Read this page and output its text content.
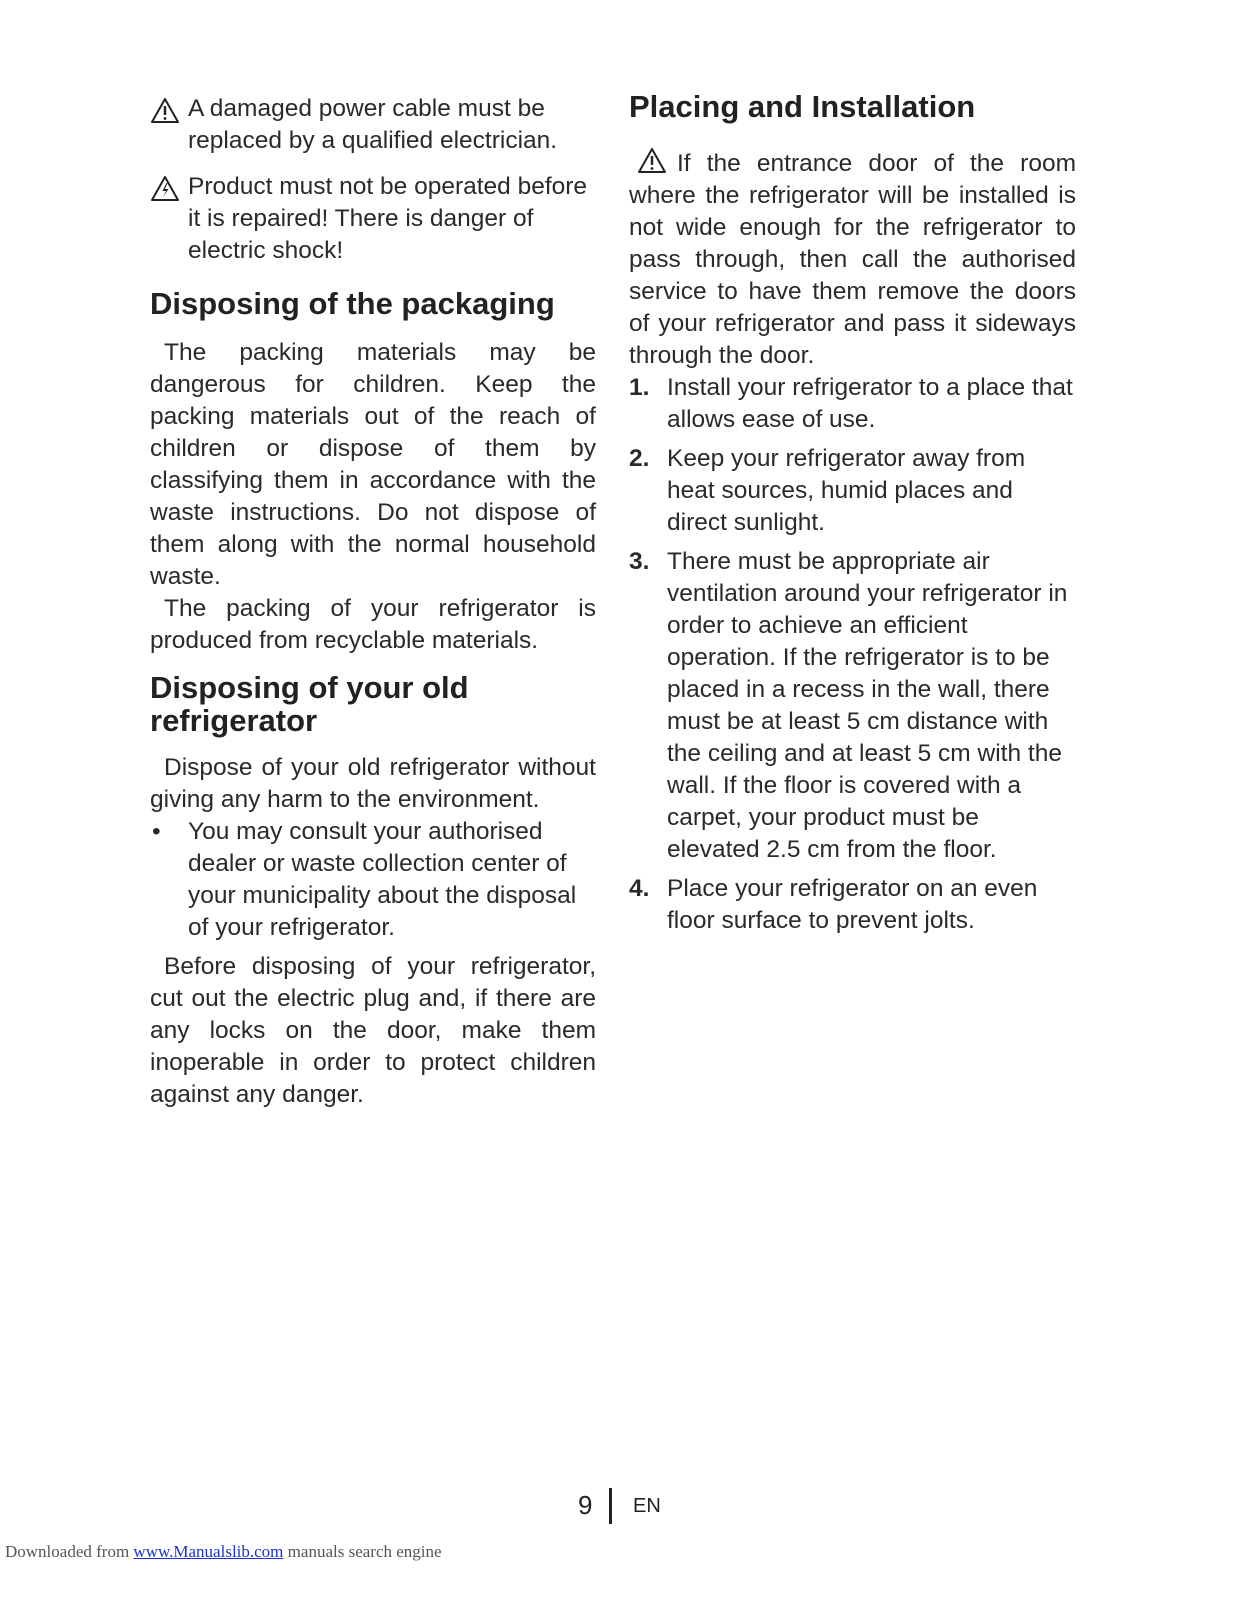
A damaged power cable must be replaced by a qualified electrician.
Product must not be operated before it is repaired! There is danger of electric shock!
Disposing of the packaging

The packing materials may be dangerous for children. Keep the packing materials out of the reach of children or dispose of them by classifying them in accordance with the waste instructions. Do not dispose of them along with the normal household waste.

The packing of your refrigerator is produced from recyclable materials.

Disposing of your old refrigerator

Dispose of your old refrigerator without giving any harm to the environment.

• You may consult your authorised dealer or waste collection center of your municipality about the disposal of your refrigerator.

Before disposing of your refrigerator, cut out the electric plug and, if there are any locks on the door, make them inoperable in order to protect children against any danger.

Placing and Installation

If the entrance door of the room where the refrigerator will be installed is not wide enough for the refrigerator to pass through, then call the authorised service to have them remove the doors of your refrigerator and pass it sideways through the door.

1. Install your refrigerator to a place that allows ease of use.
2. Keep your refrigerator away from heat sources, humid places and direct sunlight.
3. There must be appropriate air ventilation around your refrigerator in order to achieve an efficient operation. If the refrigerator is to be placed in a recess in the wall, there must be at least 5 cm distance with the ceiling and at least 5 cm with the wall. If the floor is covered with a carpet, your product must be elevated 2.5 cm from the floor.
4. Place your refrigerator on an even floor surface to prevent jolts.
9 EN
Downloaded from www.Manualslib.com manuals search engine
